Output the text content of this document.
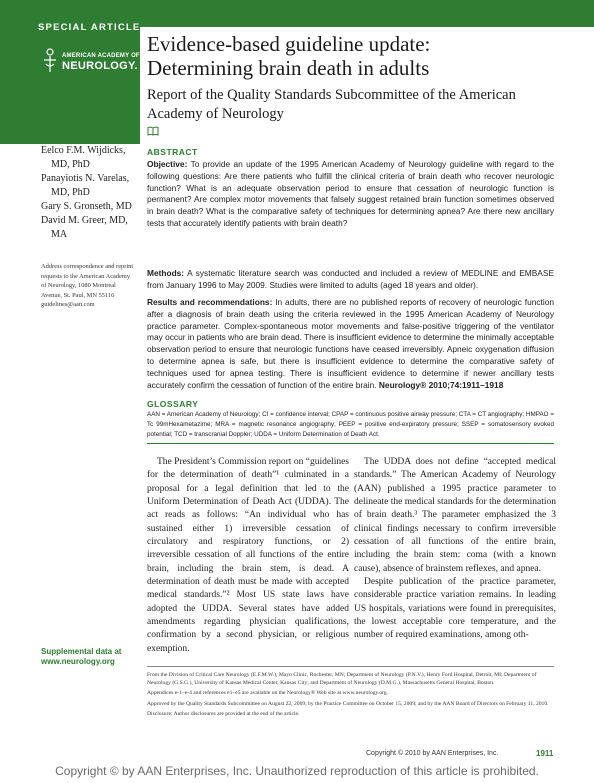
SPECIAL ARTICLE
AMERICAN ACADEMY OF
NEUROLOGY.
Evidence-based guideline update:
Determining brain death in adults
Report of the Quality Standards Subcommittee of the American Academy of Neurology
Eelco F.M. Wijdicks, MD, PhD
Panayiotis N. Varelas, MD, PhD
Gary S. Gronseth, MD
David M. Greer, MD, MA
Address correspondence and reprint requests to the American Academy of Neurology, 1080 Montreal Avenue, St. Paul, MN 55116 guidelines@aan.com
ABSTRACT
Objective: To provide an update of the 1995 American Academy of Neurology guideline with regard to the following questions: Are there patients who fulfill the clinical criteria of brain death who recover neurologic function? What is an adequate observation period to ensure that cessation of neurologic function is permanent? Are complex motor movements that falsely suggest retained brain function sometimes observed in brain death? What is the comparative safety of techniques for determining apnea? Are there new ancillary tests that accurately identify patients with brain death?
Methods: A systematic literature search was conducted and included a review of MEDLINE and EMBASE from January 1996 to May 2009. Studies were limited to adults (aged 18 years and older).
Results and recommendations: In adults, there are no published reports of recovery of neurologic function after a diagnosis of brain death using the criteria reviewed in the 1995 American Academy of Neurology practice parameter. Complex-spontaneous motor movements and false-positive triggering of the ventilator may occur in patients who are brain dead. There is insufficient evidence to determine the minimally acceptable observation period to ensure that neurologic functions have ceased irreversibly. Apneic oxygenation diffusion to determine apnea is safe, but there is insufficient evidence to determine the comparative safety of techniques used for apnea testing. There is insufficient evidence to determine if newer ancillary tests accurately confirm the cessation of function of the entire brain. Neurology® 2010;74:1911–1918
GLOSSARY
AAN = American Academy of Neurology; CI = confidence interval; CPAP = continuous positive airway pressure; CTA = CT angiography; HMPAO = Tc 99mHexametazime; MRA = magnetic resonance angiography; PEEP = positive end-expiratory pressure; SSEP = somatosensory evoked potential; TCD = transcranial Doppler; UDDA = Uniform Determination of Death Act.

The President’s Commission report on “guidelines for the determination of death”¹ culminated in a proposal for a legal definition that led to the Uniform Determination of Death Act (UDDA). The act reads as follows: “An individual who has sustained either 1) irreversible cessation of circulatory and respiratory functions, or 2) irreversible cessation of all functions of the entire brain, including the brain stem, is dead. A determination of death must be made with accepted medical standards.”² Most US state laws have adopted the UDDA. Several states have added amendments regarding physician qualifications, confirmation by a second physician, or religious exemption.

The UDDA does not define “accepted medical standards.” The American Academy of Neurology (AAN) published a 1995 practice parameter to delineate the medical standards for the determination of brain death.³ The parameter emphasized the 3 clinical findings necessary to confirm irreversible cessation of all functions of the entire brain, including the brain stem: coma (with a known cause), absence of brainstem reflexes, and apnea.

Despite publication of the practice parameter, considerable practice variation remains. In leading US hospitals, variations were found in prerequisites, the lowest acceptable core temperature, and the number of required examinations, among oth-

Supplemental data at
www.neurology.org
From the Division of Critical Care Neurology (E.F.M.W.), Mayo Clinic, Rochester, MN; Department of Neurology (P.N.V.), Henry Ford Hospital, Detroit, MI; Department of Neurology (G.S.G.), University of Kansas Medical Center, Kansas City; and Department of Neurology (D.M.G.), Massachusetts General Hospital, Boston.
Appendices e-1–e-4 and references e1–e5 are available on the Neurology® Web site at www.neurology.org.
Approved by the Quality Standards Subcommittee on August 22, 2009; by the Practice Committee on October 15, 2009; and by the AAN Board of Directors on February 11, 2010.
Disclosure: Author disclosures are provided at the end of the article.
Copyright © 2010 by AAN Enterprises, Inc.	1911
Copyright © by AAN Enterprises, Inc. Unauthorized reproduction of this article is prohibited.
